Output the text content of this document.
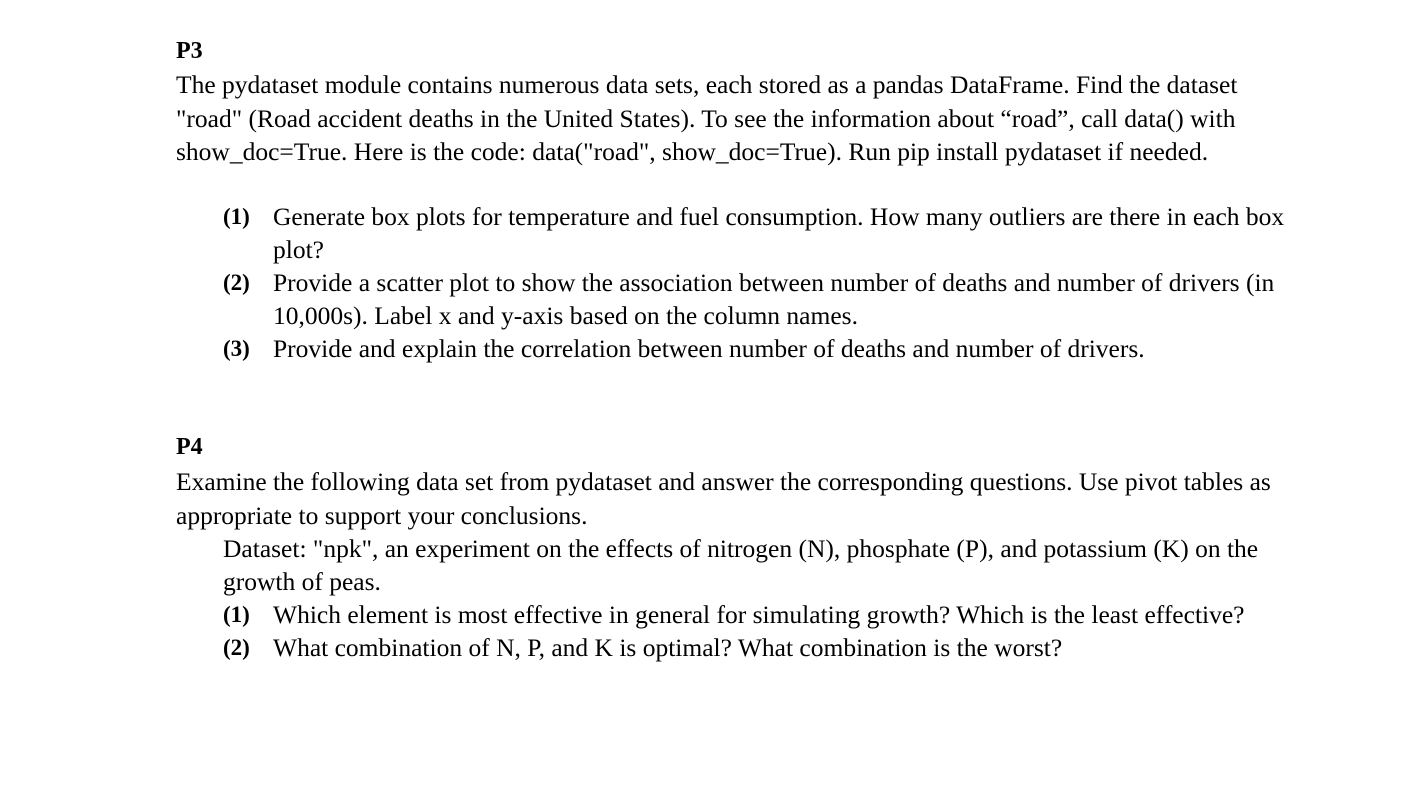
P3
The pydataset module contains numerous data sets, each stored as a pandas DataFrame. Find the dataset
"road" (Road accident deaths in the United States). To see the information about “road”, call data() with
show_doc=True. Here is the code: data("road", show_doc=True). Run pip install pydataset if needed.
(1) Generate box plots for temperature and fuel consumption. How many outliers are there in each box
plot?
(2) Provide a scatter plot to show the association between number of deaths and number of drivers (in
10,000s). Label x and y-axis based on the column names.
(3) Provide and explain the correlation between number of deaths and number of drivers.
P4
Examine the following data set from pydataset and answer the corresponding questions. Use pivot tables as
appropriate to support your conclusions.
Dataset: "npk", an experiment on the effects of nitrogen (N), phosphate (P), and potassium (K) on the
growth of peas.
(1) Which element is most effective in general for simulating growth? Which is the least effective?
(2) What combination of N, P, and K is optimal? What combination is the worst?
